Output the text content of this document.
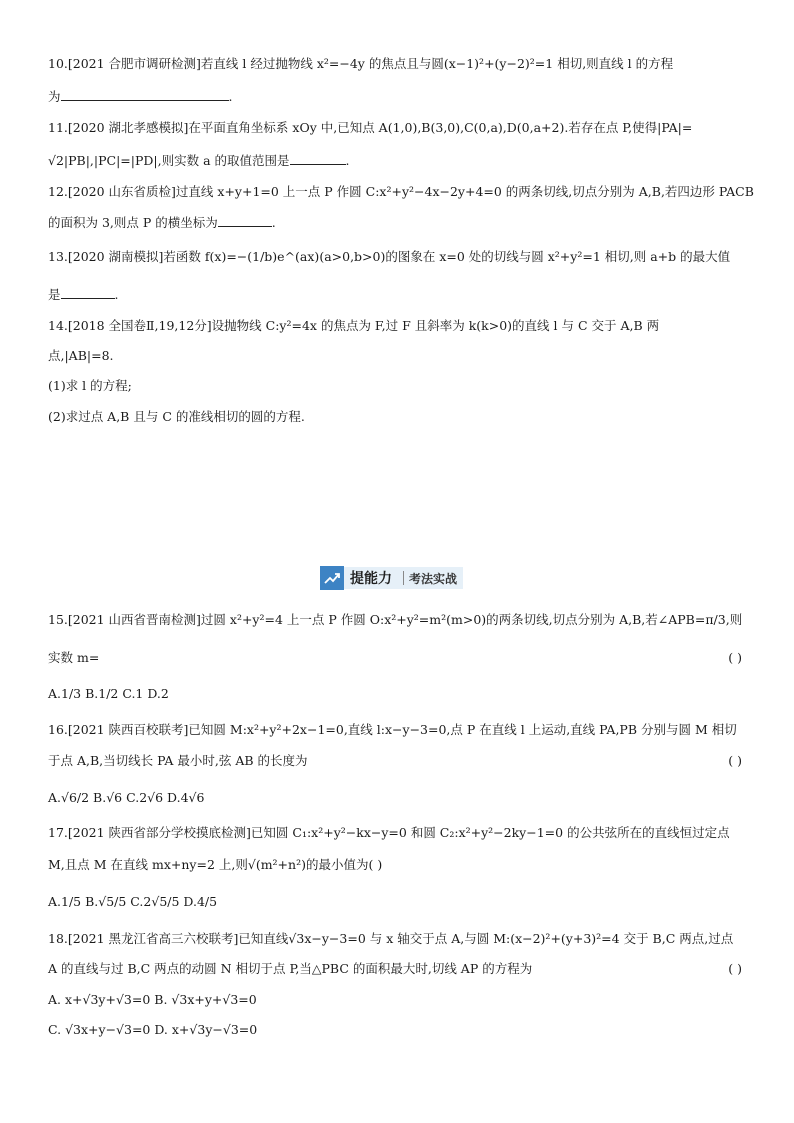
10.[2021 合肥市调研检测]若直线 l 经过抛物线 x²=−4y 的焦点且与圆(x−1)²+(y−2)²=1 相切,则直线 l 的方程
为	.
11.[2020 湖北孝感模拟]在平面直角坐标系 xOy 中,已知点 A(1,0),B(3,0),C(0,a),D(0,a+2).若存在点 P,使得|PA|=
√2|PB|,|PC|=|PD|,则实数 a 的取值范围是	.
12.[2020 山东省质检]过直线 x+y+1=0 上一点 P 作圆 C:x²+y²−4x−2y+4=0 的两条切线,切点分别为 A,B,若四边形 PACB
的面积为 3,则点 P 的横坐标为	.
13.[2020 湖南模拟]若函数 f(x)=−(1/b)e^(ax)(a>0,b>0)的图象在 x=0 处的切线与圆 x²+y²=1 相切,则 a+b 的最大值
是	.
14.[2018 全国卷Ⅱ,19,12分]设抛物线 C:y²=4x 的焦点为 F,过 F 且斜率为 k(k>0)的直线 l 与 C 交于 A,B 两
点,|AB|=8.
(1)求 l 的方程;
(2)求过点 A,B 且与 C 的准线相切的圆的方程.
提能力	考法实战
15.[2021 山西省晋南检测]过圆 x²+y²=4 上一点 P 作圆 O:x²+y²=m²(m>0)的两条切线,切点分别为 A,B,若∠APB=π/3,则
实数 m=	( )
A.1/3 B.1/2 C.1 D.2
16.[2021 陕西百校联考]已知圆 M:x²+y²+2x−1=0,直线 l:x−y−3=0,点 P 在直线 l 上运动,直线 PA,PB 分别与圆 M 相切
于点 A,B,当切线长 PA 最小时,弦 AB 的长度为	( )
A.√6/2 B.√6 C.2√6 D.4√6
17.[2021 陕西省部分学校摸底检测]已知圆 C₁:x²+y²−kx−y=0 和圆 C₂:x²+y²−2ky−1=0 的公共弦所在的直线恒过定点
M,且点 M 在直线 mx+ny=2 上,则√(m²+n²)的最小值为( )
A.1/5 B.√5/5 C.2√5/5 D.4/5
18.[2021 黑龙江省高三六校联考]已知直线√3x−y−3=0 与 x 轴交于点 A,与圆 M:(x−2)²+(y+3)²=4 交于 B,C 两点,过点
A 的直线与过 B,C 两点的动圆 N 相切于点 P,当△PBC 的面积最大时,切线 AP 的方程为	( )
A. x+√3y+√3=0 B. √3x+y+√3=0
C. √3x+y−√3=0 D. x+√3y−√3=0
